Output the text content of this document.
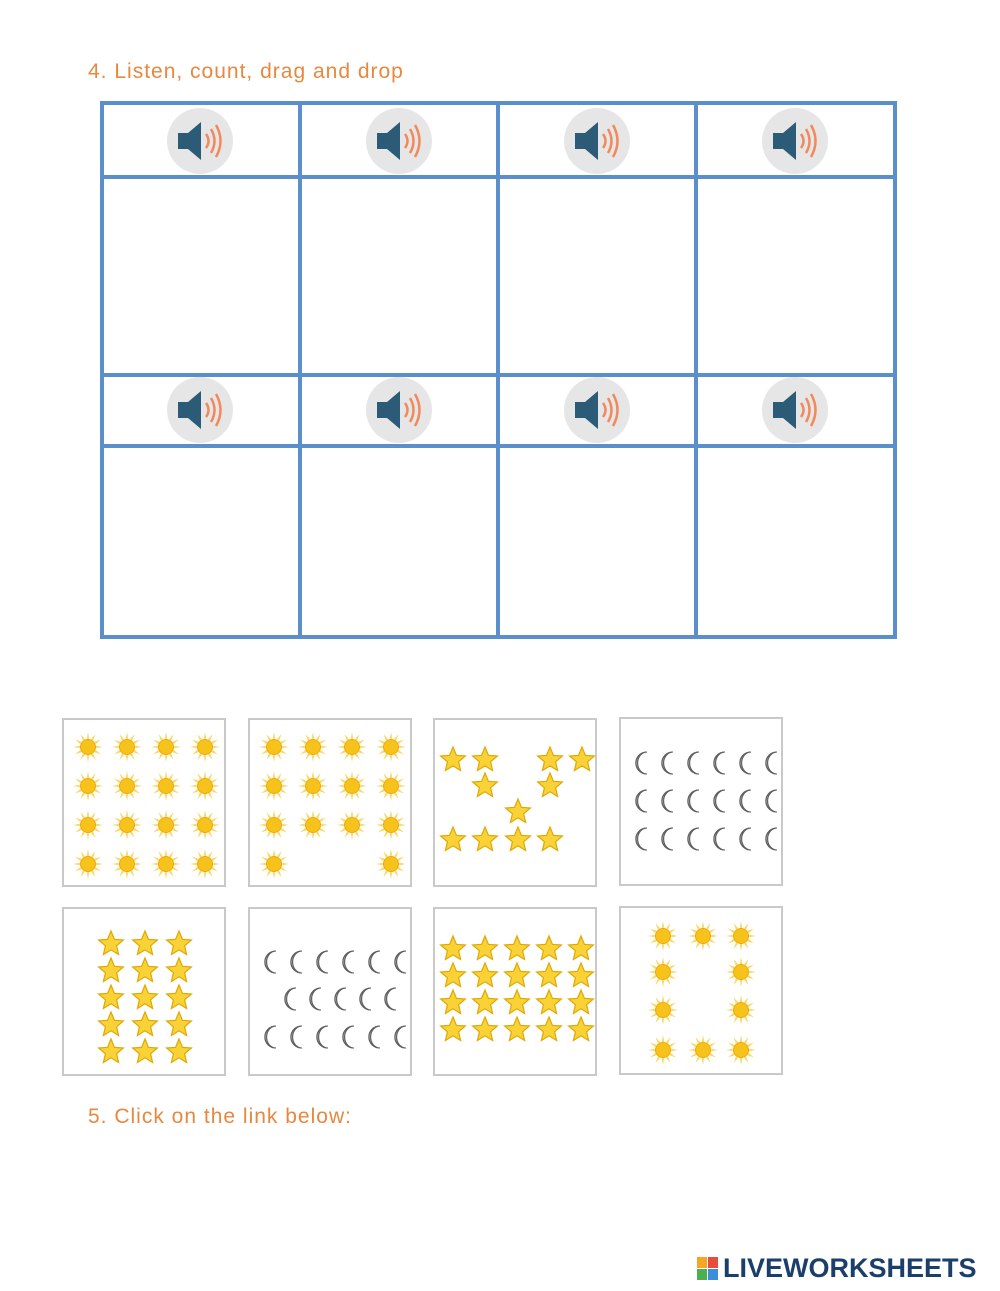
4. Listen, count, drag and drop
5. Click on the link below:
LIVEWORKSHEETS
